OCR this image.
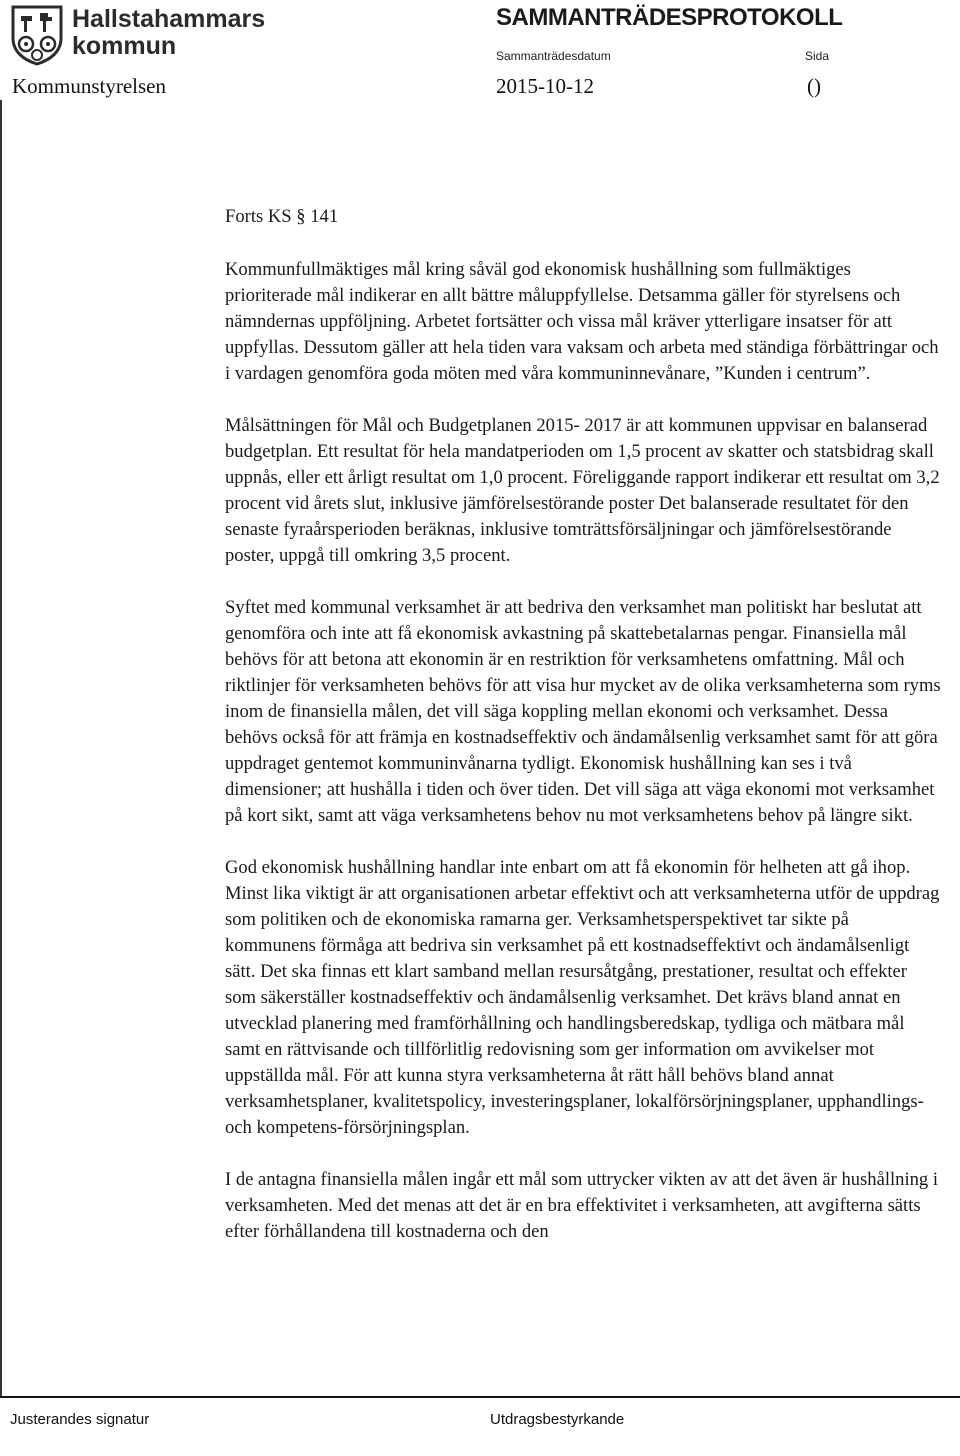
Hallstahammars
kommun
SAMMANTRÄDESPROTOKOLL
Sammanträdesdatum	Sida
Kommunstyrelsen	2015-10-12	()
Forts KS § 141

Kommunfullmäktiges mål kring såväl god ekonomisk hushållning som fullmäktiges prioriterade mål indikerar en allt bättre måluppfyllelse. Detsamma gäller för styrelsens och nämndernas uppföljning. Arbetet fortsätter och vissa mål kräver ytterligare insatser för att uppfyllas. Dessutom gäller att hela tiden vara vaksam och arbeta med ständiga förbättringar och i vardagen genomföra goda möten med våra kommuninnevånare, ”Kunden i centrum”.

Målsättningen för Mål och Budgetplanen 2015- 2017 är att kommunen uppvisar en balanserad budgetplan. Ett resultat för hela mandatperioden om 1,5 procent av skatter och statsbidrag skall uppnås, eller ett årligt resultat om 1,0 procent. Föreliggande rapport indikerar ett resultat om 3,2 procent vid årets slut, inklusive jämförelsestörande poster Det balanserade resultatet för den senaste fyraårsperioden beräknas, inklusive tomträttsförsäljningar och jämförelsestörande poster, uppgå till omkring 3,5 procent.

Syftet med kommunal verksamhet är att bedriva den verksamhet man politiskt har beslutat att genomföra och inte att få ekonomisk avkastning på skattebetalarnas pengar. Finansiella mål behövs för att betona att ekonomin är en restriktion för verksamhetens omfattning. Mål och riktlinjer för verksamheten behövs för att visa hur mycket av de olika verksamheterna som ryms inom de finansiella målen, det vill säga koppling mellan ekonomi och verksamhet. Dessa behövs också för att främja en kostnadseffektiv och ändamålsenlig verksamhet samt för att göra uppdraget gentemot kommuninvånarna tydligt. Ekonomisk hushållning kan ses i två dimensioner; att hushålla i tiden och över tiden. Det vill säga att väga ekonomi mot verksamhet på kort sikt, samt att väga verksamhetens behov nu mot verksamhetens behov på längre sikt.

God ekonomisk hushållning handlar inte enbart om att få ekonomin för helheten att gå ihop. Minst lika viktigt är att organisationen arbetar effektivt och att verksamheterna utför de uppdrag som politiken och de ekonomiska ramarna ger. Verksamhetsperspektivet tar sikte på kommunens förmåga att bedriva sin verksamhet på ett kostnadseffektivt och ändamålsenligt sätt. Det ska finnas ett klart samband mellan resursåtgång, prestationer, resultat och effekter som säkerställer kostnadseffektiv och ändamålsenlig verksamhet. Det krävs bland annat en utvecklad planering med framförhållning och handlingsberedskap, tydliga och mätbara mål samt en rättvisande och tillförlitlig redovisning som ger information om avvikelser mot uppställda mål. För att kunna styra verksamheterna åt rätt håll behövs bland annat verksamhetsplaner, kvalitetspolicy, investeringsplaner, lokalförsörjningsplaner, upphandlings- och kompetens-försörjningsplan.

I de antagna finansiella målen ingår ett mål som uttrycker vikten av att det även är hushållning i verksamheten. Med det menas att det är en bra effektivitet i verksamheten, att avgifterna sätts efter förhållandena till kostnaderna och den

Justerandes signatur	Utdragsbestyrkande
